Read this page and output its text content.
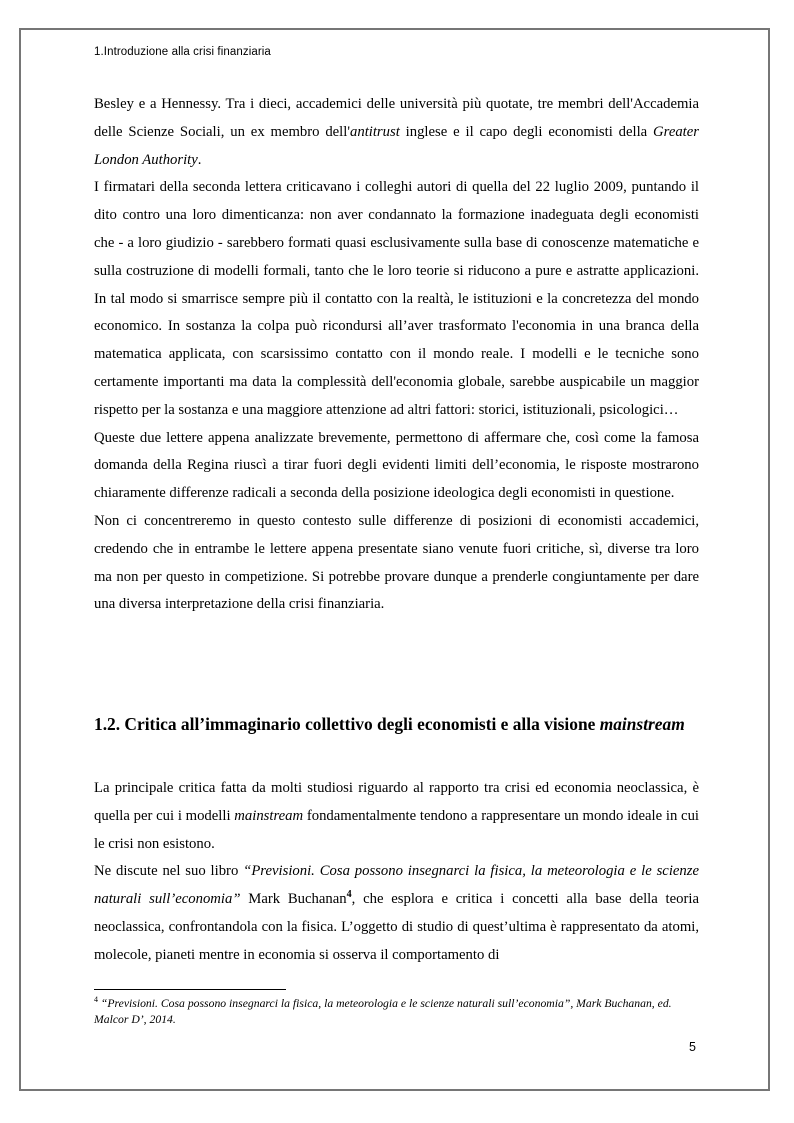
1.Introduzione alla crisi finanziaria

Besley e a Hennessy. Tra i dieci, accademici delle università più quotate, tre membri dell'Accademia delle Scienze Sociali, un ex membro dell'antitrust inglese e il capo degli economisti della Greater London Authority.

I firmatari della seconda lettera criticavano i colleghi autori di quella del 22 luglio 2009, puntando il dito contro una loro dimenticanza: non aver condannato la formazione inadeguata degli economisti che - a loro giudizio - sarebbero formati quasi esclusivamente sulla base di conoscenze matematiche e sulla costruzione di modelli formali, tanto che le loro teorie si riducono a pure e astratte applicazioni. In tal modo si smarrisce sempre più il contatto con la realtà, le istituzioni e la concretezza del mondo economico. In sostanza la colpa può ricondursi all’aver trasformato l'economia in una branca della matematica applicata, con scarsissimo contatto con il mondo reale. I modelli e le tecniche sono certamente importanti ma data la complessità dell'economia globale, sarebbe auspicabile un maggior rispetto per la sostanza e una maggiore attenzione ad altri fattori: storici, istituzionali, psicologici…

Queste due lettere appena analizzate brevemente, permettono di affermare che, così come la famosa domanda della Regina riuscì a tirar fuori degli evidenti limiti dell’economia, le risposte mostrarono chiaramente differenze radicali a seconda della posizione ideologica degli economisti in questione.

Non ci concentreremo in questo contesto sulle differenze di posizioni di economisti accademici, credendo che in entrambe le lettere appena presentate siano venute fuori critiche, sì, diverse tra loro ma non per questo in competizione. Si potrebbe provare dunque a prenderle congiuntamente per dare una diversa interpretazione della crisi finanziaria.

1.2. Critica all’immaginario collettivo degli economisti e alla visione mainstream

La principale critica fatta da molti studiosi riguardo al rapporto tra crisi ed economia neoclassica, è quella per cui i modelli mainstream fondamentalmente tendono a rappresentare un mondo ideale in cui le crisi non esistono.

Ne discute nel suo libro “Previsioni. Cosa possono insegnarci la fisica, la meteorologia e le scienze naturali sull’economia” Mark Buchanan$^4$, che esplora e critica i concetti alla base della teoria neoclassica, confrontandola con la fisica. L’oggetto di studio di quest’ultima è rappresentato da atomi, molecole, pianeti mentre in economia si osserva il comportamento di

$^4$ “Previsioni. Cosa possono insegnarci la fisica, la meteorologia e le scienze naturali sull’economia”, Mark Buchanan, ed. Malcor D’, 2014.
5
